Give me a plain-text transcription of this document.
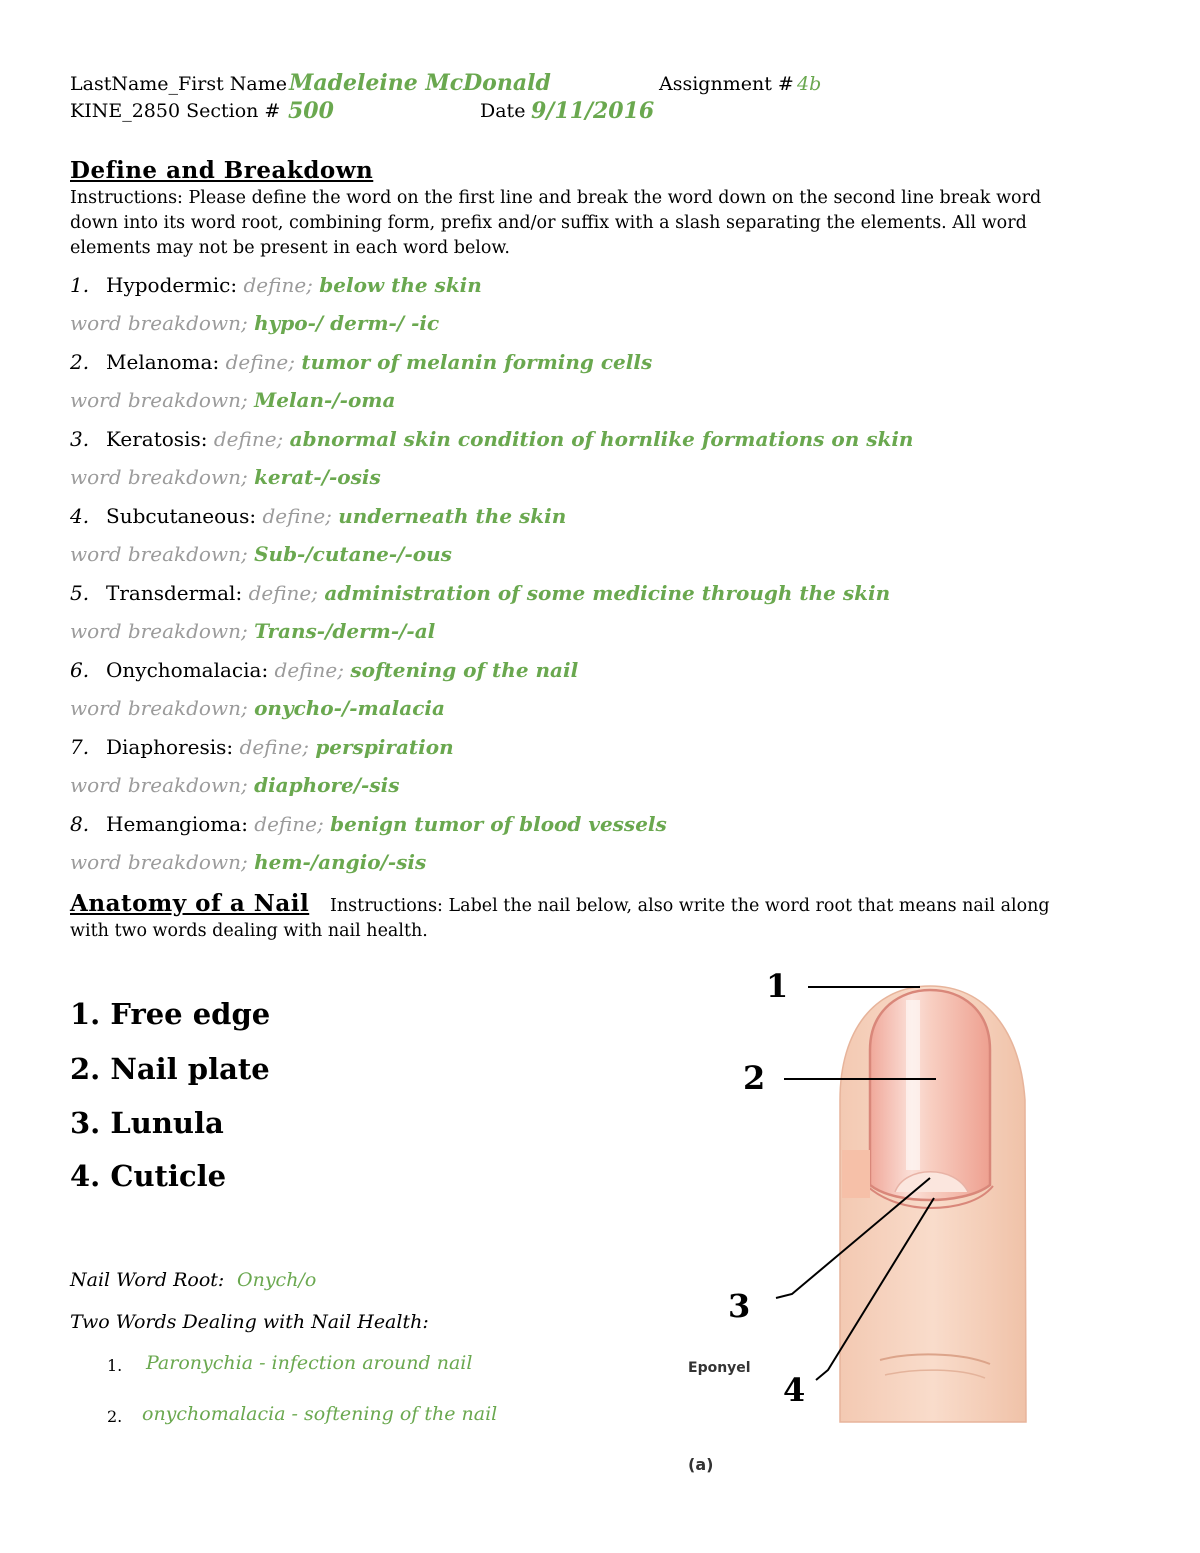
LastName_First Name Madeleine McDonald	Assignment # 4b
KINE_2850 Section # 500	Date 9/11/2016
Define and Breakdown
Instructions: Please define the word on the first line and break the word down on the second line break word
down into its word root, combining form, prefix and/or suffix with a slash separating the elements. All word
elements may not be present in each word below.
1. Hypodermic: define; below the skin
word breakdown; hypo-/ derm-/ -ic
2. Melanoma: define; tumor of melanin forming cells
word breakdown; Melan-/-oma
3. Keratosis: define; abnormal skin condition of hornlike formations on skin
word breakdown; kerat-/-osis
4. Subcutaneous: define; underneath the skin
word breakdown; Sub-/cutane-/-ous
5. Transdermal: define; administration of some medicine through the skin
word breakdown; Trans-/derm-/-al
6. Onychomalacia: define; softening of the nail
word breakdown; onycho-/-malacia
7. Diaphoresis: define; perspiration
word breakdown; diaphore/-sis
8. Hemangioma: define; benign tumor of blood vessels
word breakdown; hem-/angio/-sis
Anatomy of a Nail Instructions: Label the nail below, also write the word root that means nail along
with two words dealing with nail health.
1. Free edge
2. Nail plate
3. Lunula
4. Cuticle
Nail Word Root: Onych/o
Two Words Dealing with Nail Health:
1. Paronychia - infection around nail
2. onychomalacia - softening of the nail
Eponyel
(a)
1
2
3
4
